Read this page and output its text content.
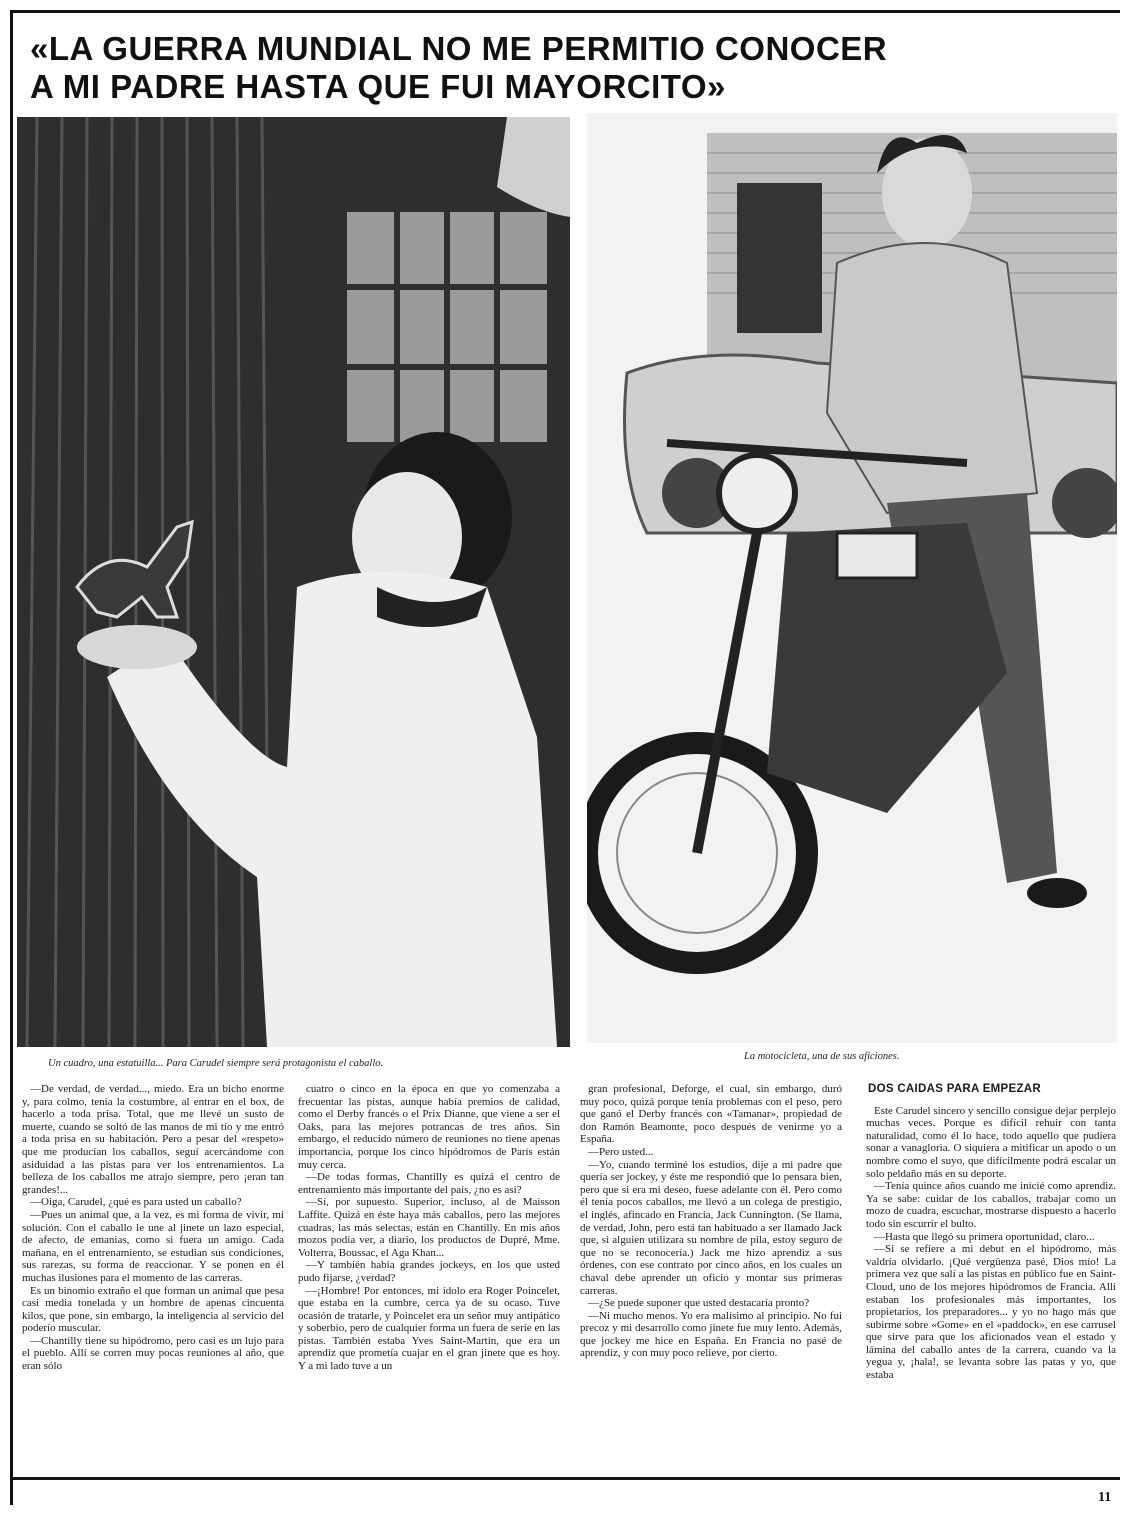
«LA GUERRA MUNDIAL NO ME PERMITIO CONOCER
A MI PADRE HASTA QUE FUI MAYORCITO»
Un cuadro, una estatuilla... Para Carudel siempre será protagonista el caballo.
La motocicleta, una de sus aficiones.

—De verdad, de verdad..., miedo. Era un bicho enorme y, para colmo, tenía la costumbre, al entrar en el box, de hacerlo a toda prisa. Total, que me llevé un susto de muerte, cuando se soltó de las manos de mi tío y me entró a toda prisa en su habitación. Pero a pesar del «respeto» que me producían los caballos, seguí acercándome con asiduidad a las pistas para ver los entrenamientos. La belleza de los caballos me atrajo siempre, pero ¡eran tan grandes!...

—Oiga, Carudel, ¿qué es para usted un caballo?

—Pues un animal que, a la vez, es mi forma de vivir, mi solución. Con el caballo le une al jinete un lazo especial, de afecto, de emanias, como si fuera un amigo. Cada mañana, en el entrenamiento, se estudian sus condiciones, sus rarezas, su forma de reaccionar. Y se ponen en él muchas ilusiones para el momento de las carreras.

Es un binomio extraño el que forman un animal que pesa casi media tonelada y un hombre de apenas cincuenta kilos, que pone, sin embargo, la inteligencia al servicio del poderío muscular.

—Chantilly tiene su hipódromo, pero casi es un lujo para el pueblo. Allí se corren muy pocas reuniones al año, que eran sólo

cuatro o cinco en la época en que yo comenzaba a frecuentar las pistas, aunque había premios de calidad, como el Derby francés o el Prix Dianne, que viene a ser el Oaks, para las mejores potrancas de tres años. Sin embargo, el reducido número de reuniones no tiene apenas importancia, porque los cinco hipódromos de París están muy cerca.

—De todas formas, Chantilly es quizá el centro de entrenamiento más importante del país, ¿no es así?

—Sí, por supuesto. Superior, incluso, al de Maisson Laffite. Quizá en éste haya más caballos, pero las mejores cuadras, las más selectas, están en Chantilly. En mis años mozos podía ver, a diario, los productos de Dupré, Mme. Volterra, Boussac, el Aga Khan...

—Y también había grandes jockeys, en los que usted pudo fijarse, ¿verdad?

—¡Hombre! Por entonces, mi ídolo era Roger Poincelet, que estaba en la cumbre, cerca ya de su ocaso. Tuve ocasión de tratarle, y Poincelet era un señor muy antipático y soberbio, pero de cualquier forma un fuera de serie en las pistas. También estaba Yves Saint-Martin, que era un aprendiz que prometía cuajar en el gran jinete que es hoy. Y a mi lado tuve a un

gran profesional, Deforge, el cual, sin embargo, duró muy poco, quizá porque tenía problemas con el peso, pero que ganó el Derby francés con «Tamanar», propiedad de don Ramón Beamonte, poco después de venirme yo a España.

—Pero usted...

—Yo, cuando terminé los estudios, dije a mi padre que quería ser jockey, y éste me respondió que lo pensara bien, pero que si era mi deseo, fuese adelante con él. Pero como él tenía pocos caballos, me llevó a un colega de prestigio, el inglés, afincado en Francia, Jack Cunnington. (Se llama, de verdad, John, pero está tan habituado a ser llamado Jack que, si alguien utilizara su nombre de pila, estoy seguro de que no se reconocería.) Jack me hizo aprendiz a sus órdenes, con ese contrato por cinco años, en los cuales un chaval debe aprender un oficio y montar sus primeras carreras.

—¿Se puede suponer que usted destacaría pronto?

—Ni mucho menos. Yo era malísimo al principio. No fui precoz y mi desarrollo como jinete fue muy lento. Además, que jockey me hice en España. En Francia no pasé de aprendiz, y con muy poco relieve, por cierto.

DOS CAIDAS PARA EMPEZAR

Este Carudel sincero y sencillo consigue dejar perplejo muchas veces. Porque es difícil rehuir con tanta naturalidad, como él lo hace, todo aquello que pudiera sonar a vanagloria. O siquiera a mitificar un apodo o un nombre como el suyo, que difícilmente podrá escalar un solo peldaño más en su deporte.

—Tenía quince años cuando me inicié como aprendiz. Ya se sabe: cuidar de los caballos, trabajar como un mozo de cuadra, escuchar, mostrarse dispuesto a hacerlo todo sin escurrir el bulto.

—Hasta que llegó su primera oportunidad, claro...

—Si se refiere a mi debut en el hipódromo, más valdría olvidarlo. ¡Qué vergüenza pasé, Dios mío! La primera vez que salí a las pistas en público fue en Saint-Cloud, uno de los mejores hipódromos de Francia. Allí estaban los profesionales más importantes, los propietarios, los preparadores... y yo no hago más que subirme sobre «Gome» en el «paddock», en ese carrusel que sirve para que los aficionados vean el estado y lámina del caballo antes de la carrera, cuando va la yegua y, ¡hala!, se levanta sobre las patas y yo, que estaba

11
